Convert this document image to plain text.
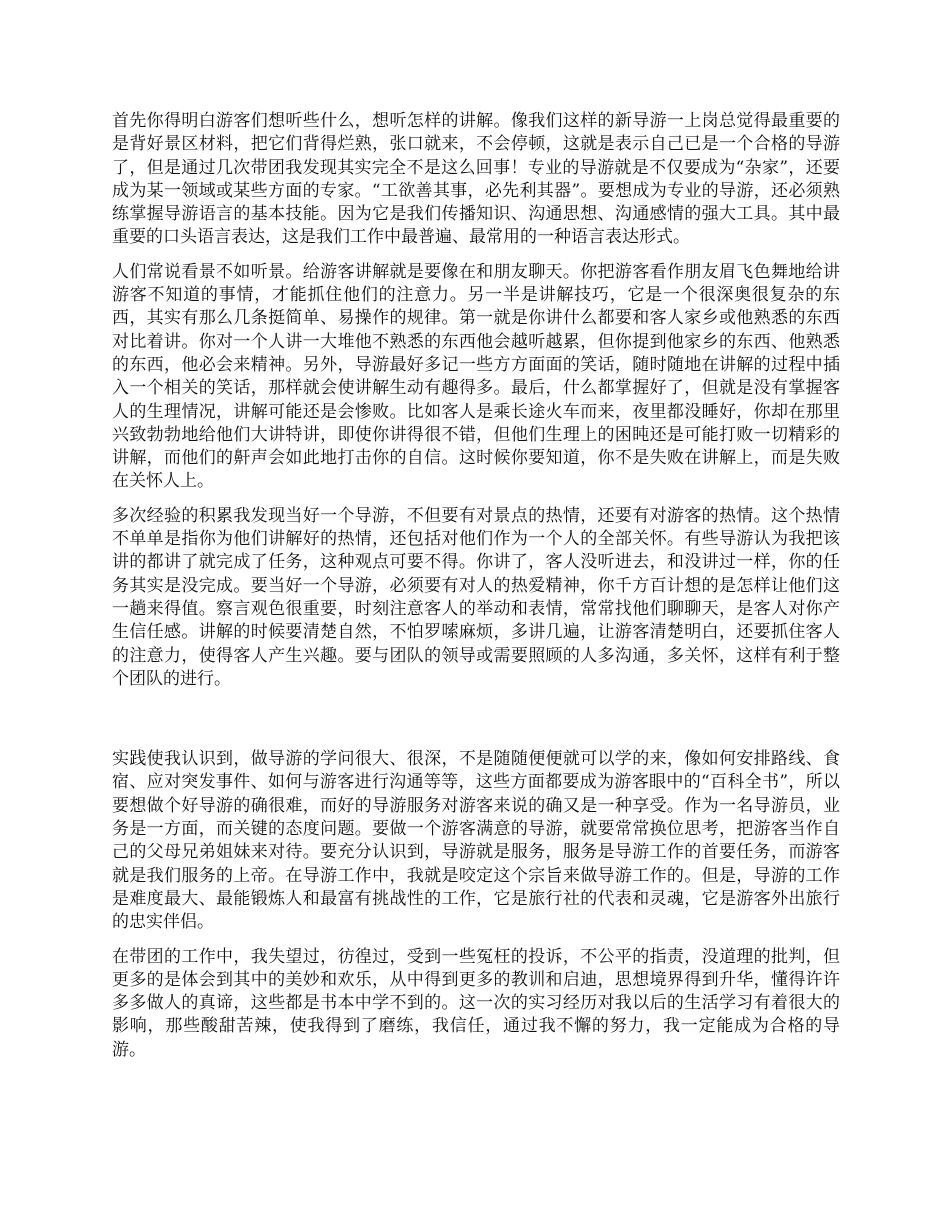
首先你得明白游客们想听些什么，想听怎样的讲解。像我们这样的新导游一上岗总觉得最重要的是背好景区材料，把它们背得烂熟，张口就来，不会停顿，这就是表示自己已是一个合格的导游了，但是通过几次带团我发现其实完全不是这么回事！专业的导游就是不仅要成为“杂家”，还要成为某一领域或某些方面的专家。“工欲善其事，必先利其器”。要想成为专业的导游，还必须熟练掌握导游语言的基本技能。因为它是我们传播知识、沟通思想、沟通感情的强大工具。其中最重要的口头语言表达，这是我们工作中最普遍、最常用的一种语言表达形式。

人们常说看景不如听景。给游客讲解就是要像在和朋友聊天。你把游客看作朋友眉飞色舞地给讲游客不知道的事情，才能抓住他们的注意力。另一半是讲解技巧，它是一个很深奥很复杂的东西，其实有那么几条挺简单、易操作的规律。第一就是你讲什么都要和客人家乡或他熟悉的东西对比着讲。你对一个人讲一大堆他不熟悉的东西他会越听越累，但你提到他家乡的东西、他熟悉的东西，他必会来精神。另外，导游最好多记一些方方面面的笑话，随时随地在讲解的过程中插入一个相关的笑话，那样就会使讲解生动有趣得多。最后，什么都掌握好了，但就是没有掌握客人的生理情况，讲解可能还是会惨败。比如客人是乘长途火车而来，夜里都没睡好，你却在那里兴致勃勃地给他们大讲特讲，即使你讲得很不错，但他们生理上的困盹还是可能打败一切精彩的讲解，而他们的鼾声会如此地打击你的自信。这时候你要知道，你不是失败在讲解上，而是失败在关怀人上。

多次经验的积累我发现当好一个导游，不但要有对景点的热情，还要有对游客的热情。这个热情不单单是指你为他们讲解好的热情，还包括对他们作为一个人的全部关怀。有些导游认为我把该讲的都讲了就完成了任务，这种观点可要不得。你讲了，客人没听进去，和没讲过一样，你的任务其实是没完成。要当好一个导游，必须要有对人的热爱精神，你千方百计想的是怎样让他们这一趟来得值。察言观色很重要，时刻注意客人的举动和表情，常常找他们聊聊天，是客人对你产生信任感。讲解的时候要清楚自然，不怕罗嗦麻烦，多讲几遍，让游客清楚明白，还要抓住客人的注意力，使得客人产生兴趣。要与团队的领导或需要照顾的人多沟通，多关怀，这样有利于整个团队的进行。

实践使我认识到，做导游的学问很大、很深，不是随随便便就可以学的来，像如何安排路线、食宿、应对突发事件、如何与游客进行沟通等等，这些方面都要成为游客眼中的“百科全书”，所以要想做个好导游的确很难，而好的导游服务对游客来说的确又是一种享受。作为一名导游员，业务是一方面，而关键的态度问题。要做一个游客满意的导游，就要常常换位思考，把游客当作自己的父母兄弟姐妹来对待。要充分认识到，导游就是服务，服务是导游工作的首要任务，而游客就是我们服务的上帝。在导游工作中，我就是咬定这个宗旨来做导游工作的。但是，导游的工作是难度最大、最能锻炼人和最富有挑战性的工作，它是旅行社的代表和灵魂，它是游客外出旅行的忠实伴侣。

在带团的工作中，我失望过，彷徨过，受到一些冤枉的投诉，不公平的指责，没道理的批判，但更多的是体会到其中的美妙和欢乐，从中得到更多的教训和启迪，思想境界得到升华，懂得许许多多做人的真谛，这些都是书本中学不到的。这一次的实习经历对我以后的生活学习有着很大的影响，那些酸甜苦辣，使我得到了磨练，我信任，通过我不懈的努力，我一定能成为合格的导游。
